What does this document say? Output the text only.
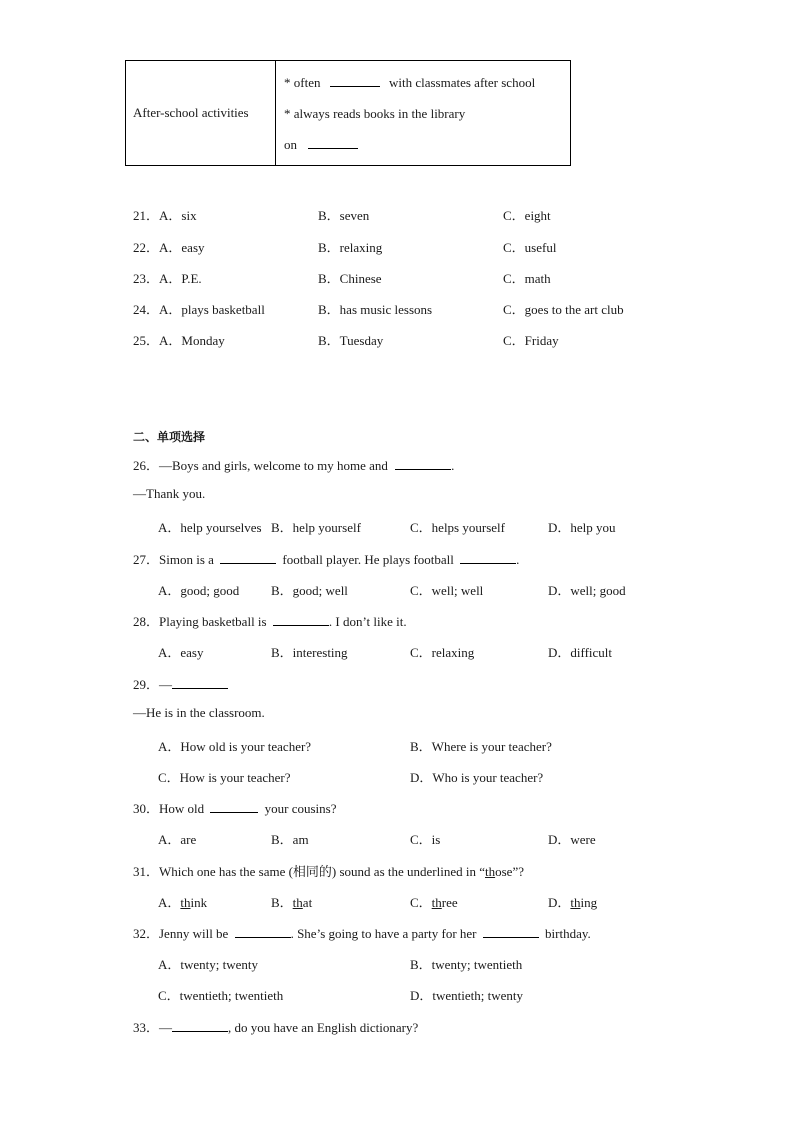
After-school activities	
* often	with classmates after school
* always reads books in the library
on
21．A．six	B．seven	C．eight
22．A．easy	B．relaxing	C．useful
23．A．P.E.	B．Chinese	C．math
24．A．plays basketball	B．has music lessons	C．goes to the art club
25．A．Monday	B．Tuesday	C．Friday
二、单项选择
26．—Boys and girls, welcome to my home and	.
—Thank you.
A．help yourselves B．help yourself	C．helps yourself	D．help you
27．Simon is a	football player. He plays football	.
A．good; good B．good; well	C．well; well	D．well; good
28．Playing basketball is	. I don’t like it.
A．easy	B．interesting	C．relaxing	D．difficult
29．—
—He is in the classroom.
A．How old is your teacher?	B．Where is your teacher?
C．How is your teacher?	D．Who is your teacher?
30．How old	your cousins?
A．are	B．am	C．is	D．were
31．Which one has the same (相同的) sound as the underlined in “those”?
A．think	B．that	C．three	D．thing
32．Jenny will be	. She’s going to have a party for her	birthday.
A．twenty; twenty	B．twenty; twentieth
C．twentieth; twentieth	D．twentieth; twenty
33．—	, do you have an English dictionary?
